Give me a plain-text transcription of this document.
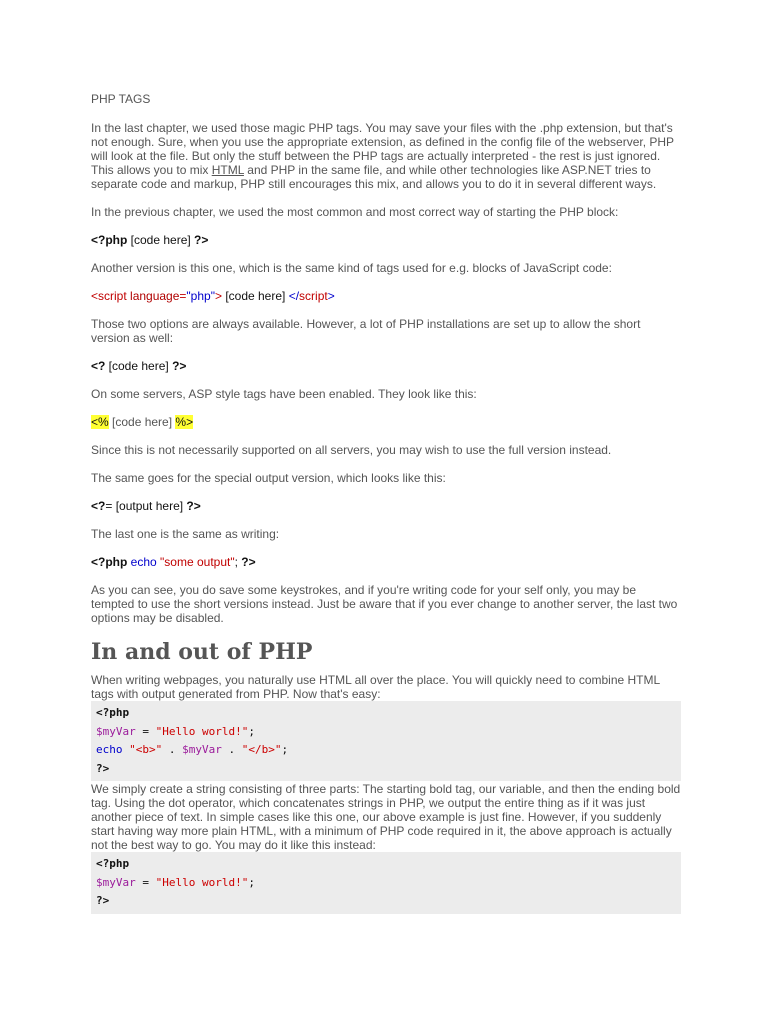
PHP TAGS

In the last chapter, we used those magic PHP tags. You may save your files with the .php extension, but that's not enough. Sure, when you use the appropriate extension, as defined in the config file of the webserver, PHP will look at the file. But only the stuff between the PHP tags are actually interpreted - the rest is just ignored. This allows you to mix HTML and PHP in the same file, and while other technologies like ASP.NET tries to separate code and markup, PHP still encourages this mix, and allows you to do it in several different ways.

In the previous chapter, we used the most common and most correct way of starting the PHP block:

<?php [code here] ?>

Another version is this one, which is the same kind of tags used for e.g. blocks of JavaScript code:

<script language="php"> [code here] </script>

Those two options are always available. However, a lot of PHP installations are set up to allow the short version as well:

<? [code here] ?>

On some servers, ASP style tags have been enabled. They look like this:

<% [code here] %>

Since this is not necessarily supported on all servers, you may wish to use the full version instead.

The same goes for the special output version, which looks like this:

<?= [output here] ?>

The last one is the same as writing:

<?php echo "some output"; ?>

As you can see, you do save some keystrokes, and if you're writing code for your self only, you may be tempted to use the short versions instead. Just be aware that if you ever change to another server, the last two options may be disabled.

In and out of PHP

When writing webpages, you naturally use HTML all over the place. You will quickly need to combine HTML tags with output generated from PHP. Now that's easy:

<?php
$myVar = "Hello world!";
echo "<b>" . $myVar . "</b>";
?>

We simply create a string consisting of three parts: The starting bold tag, our variable, and then the ending bold tag. Using the dot operator, which concatenates strings in PHP, we output the entire thing as if it was just another piece of text. In simple cases like this one, our above example is just fine. However, if you suddenly start having way more plain HTML, with a minimum of PHP code required in it, the above approach is actually not the best way to go. You may do it like this instead:

<?php
$myVar = "Hello world!";
?>
